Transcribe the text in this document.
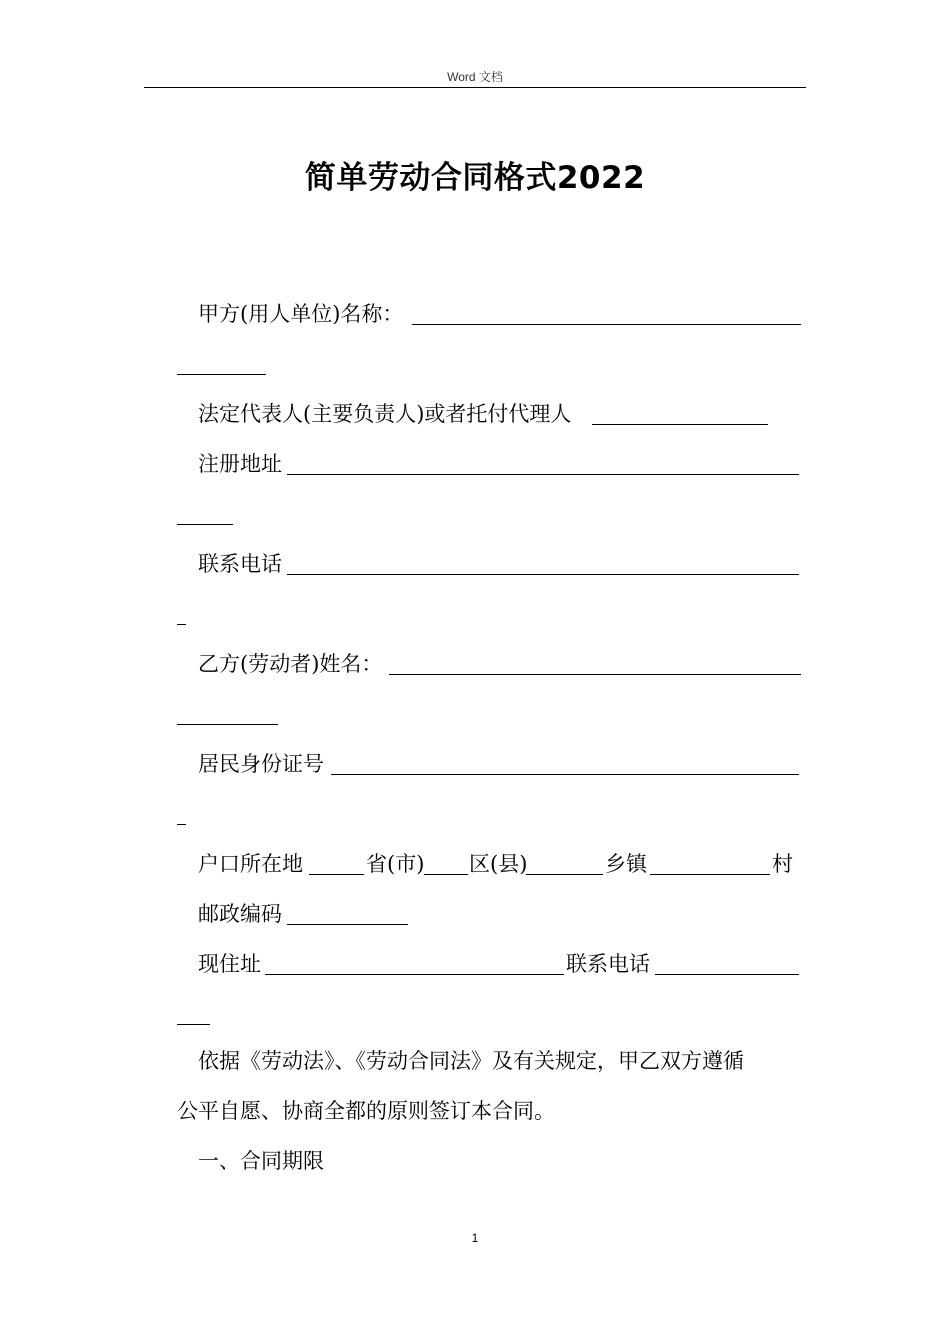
Word 文档
简单劳动合同格式2022
甲方(用人单位)名称：
法定代表人(主要负责人)或者托付代理人
注册地址
联系电话
乙方(劳动者)姓名：
居民身份证号
户口所在地	省(市) 区(县)	乡镇	村
邮政编码
现住址	联系电话
依据《劳动法》、《劳动合同法》及有关规定，甲乙双方遵循
公平自愿、协商全都的原则签订本合同。
一、合同期限
1
